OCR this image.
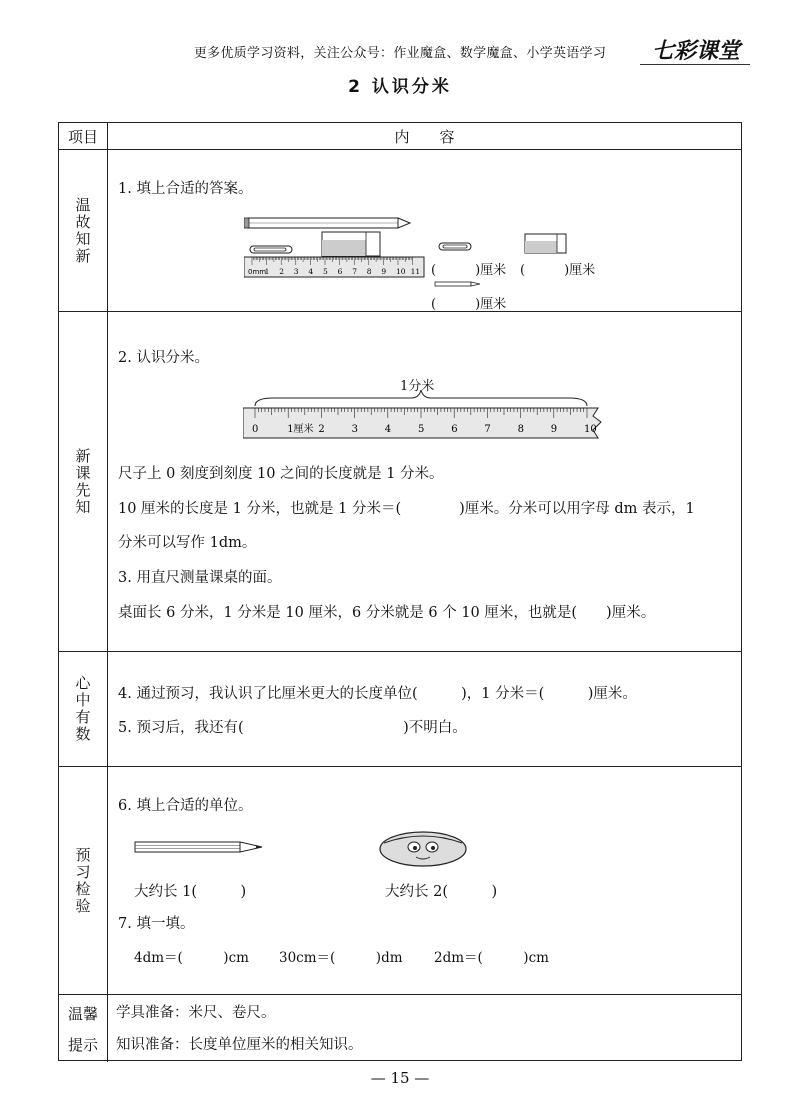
更多优质学习资料，关注公众号：作业魔盒、数学魔盒、小学英语学习	七彩课堂
2 认识分米
项目	内　　容
温故知新
1. 填上合适的答案。
0mm
1 2 3 4 5 6 7 8 9 10 11 (　　　)厘米 (　　　)厘米
(　　　)厘米
新课先知
2. 认识分米。
1分米
0	1厘米 2	3	4	5	6	7	8	9	10
尺子上 0 刻度到刻度 10 之间的长度就是 1 分米。
10 厘米的长度是 1 分米，也就是 1 分米＝(　　　　)厘米。分米可以用字母 dm 表示，1
分米可以写作 1dm。
3. 用直尺测量课桌的面。
桌面长 6 分米，1 分米是 10 厘米，6 分米就是 6 个 10 厘米，也就是(　　)厘米。
心中有数 4. 通过预习，我认识了比厘米更大的长度单位(　　　)，1 分米＝(　　　)厘米。
5. 预习后，我还有(　　　　　　　　　　　)不明白。
预习检验
6. 填上合适的单位。
大约长 1(　　　)	大约长 2(　　　)
7. 填一填。
4dm＝(　　　)cm 30cm＝(　　　)dm 2dm＝(　　　)cm
温馨
提示
学具准备：米尺、卷尺。
知识准备：长度单位厘米的相关知识。
— 15 —
